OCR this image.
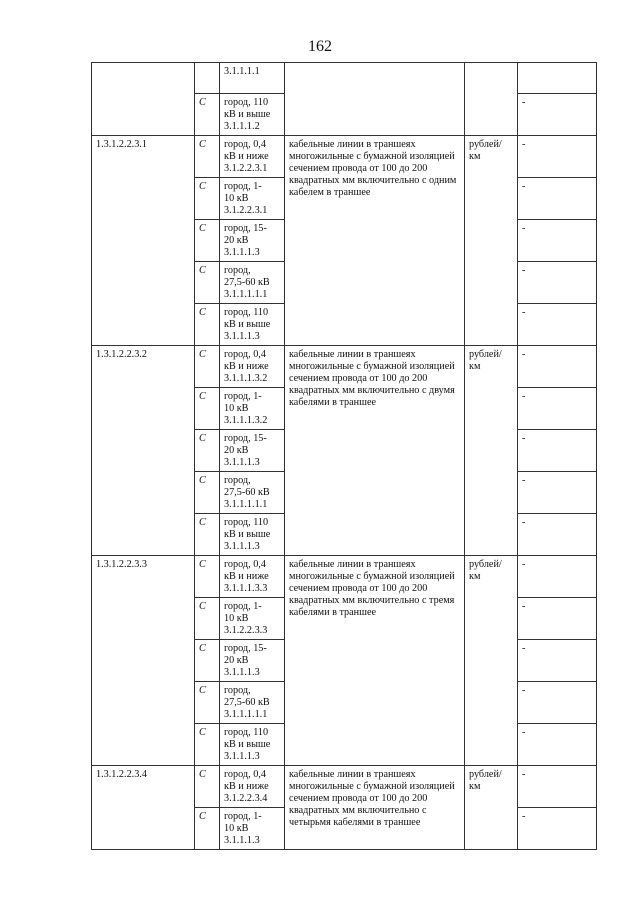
162
		3.1.1.1.1			
	C	город, 110
кВ и выше
3.1.1.1.2			-
1.3.1.2.2.3.1	C	город, 0,4
кВ и ниже
3.1.2.2.3.1	кабельные линии в траншеях многожильные с бумажной изоляцией сечением провода от 100 до 200 квадратных мм включительно с одним кабелем в траншее	рублей/
км	-
	C	город, 1-
10 кВ
3.1.2.2.3.1			-
	C	город, 15-
20 кВ
3.1.1.1.3			-
	C	город,
27,5-60 кВ
3.1.1.1.1.1			-
	C	город, 110
кВ и выше
3.1.1.1.3			-
1.3.1.2.2.3.2	C	город, 0,4
кВ и ниже
3.1.1.1.3.2	кабельные линии в траншеях многожильные с бумажной изоляцией сечением провода от 100 до 200 квадратных мм включительно с двумя кабелями в траншее	рублей/
км	-
	C	город, 1-
10 кВ
3.1.1.1.3.2			-
	C	город, 15-
20 кВ
3.1.1.1.3			-
	C	город,
27,5-60 кВ
3.1.1.1.1.1			-
	C	город, 110
кВ и выше
3.1.1.1.3			-
1.3.1.2.2.3.3	C	город, 0,4
кВ и ниже
3.1.1.1.3.3	кабельные линии в траншеях многожильные с бумажной изоляцией сечением провода от 100 до 200 квадратных мм включительно с тремя кабелями в траншее	рублей/
км	-
	C	город, 1-
10 кВ
3.1.2.2.3.3			-
	C	город, 15-
20 кВ
3.1.1.1.3			-
	C	город,
27,5-60 кВ
3.1.1.1.1.1			-
	C	город, 110
кВ и выше
3.1.1.1.3			-
1.3.1.2.2.3.4	C	город, 0,4
кВ и ниже
3.1.2.2.3.4	кабельные линии в траншеях многожильные с бумажной изоляцией сечением провода от 100 до 200 квадратных мм включительно с четырьмя кабелями в траншее	рублей/
км	-
	C	город, 1-
10 кВ
3.1.1.1.3			-
